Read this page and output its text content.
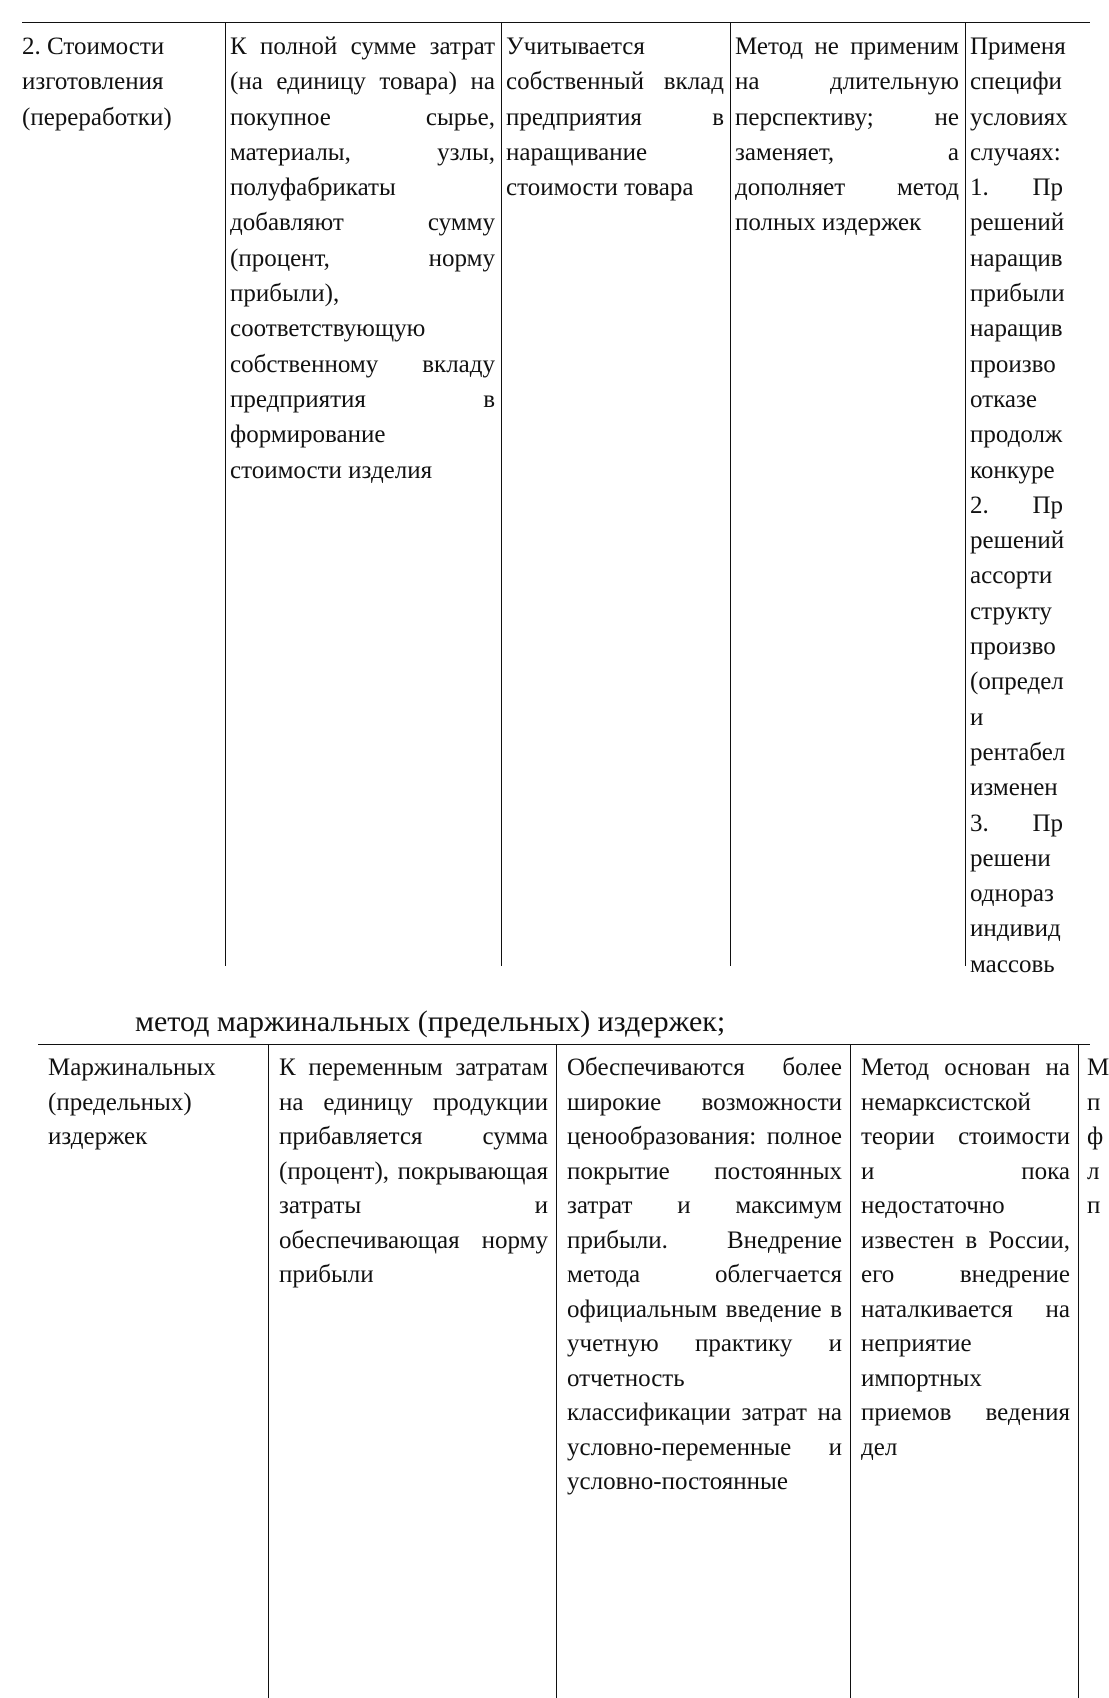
2. Стоимости
изготовления
(переработки)
К полной сумме затрат (на единицу товара) на покупное сырье, материалы, узлы, полуфабрикаты добавляют сумму (процент, норму прибыли), соответствующую собственному вкладу предприятия в формирование стоимости изделия
Учитывается собственный вклад предприятия в наращивание стоимости товара
Метод не применим на длительную перспективу; не заменяет, а дополняет метод полных издержек
Применя
специфи
условиях
случаях:
1.       Пр
решений
наращив
прибыли
наращив
произво
отказе
продолж
конкуре
2.       Пр
решений
ассорти
структу
произво
(определ
и
рентабел
изменен
3.       Пр
решени
однораз
индивид
массовь
метод маржинальных (предельных) издержек;
Маржинальных (предельных) издержек
К переменным затратам на единицу продукции прибавляется сумма (процент), покрывающая затраты и обеспечивающая норму прибыли
Обеспечиваются более широкие возможности ценообразования: полное покрытие постоянных затрат и максимум прибыли. Внедрение метода облегчается официальным введение в учетную практику и отчетность классификации затрат на условно-переменные и условно-постоянные
Метод основан на немарксистской теории стоимости и пока недостаточно известен в России, его внедрение наталкивается на неприятие импортных приемов ведения дел
М
п
ф
л
п
